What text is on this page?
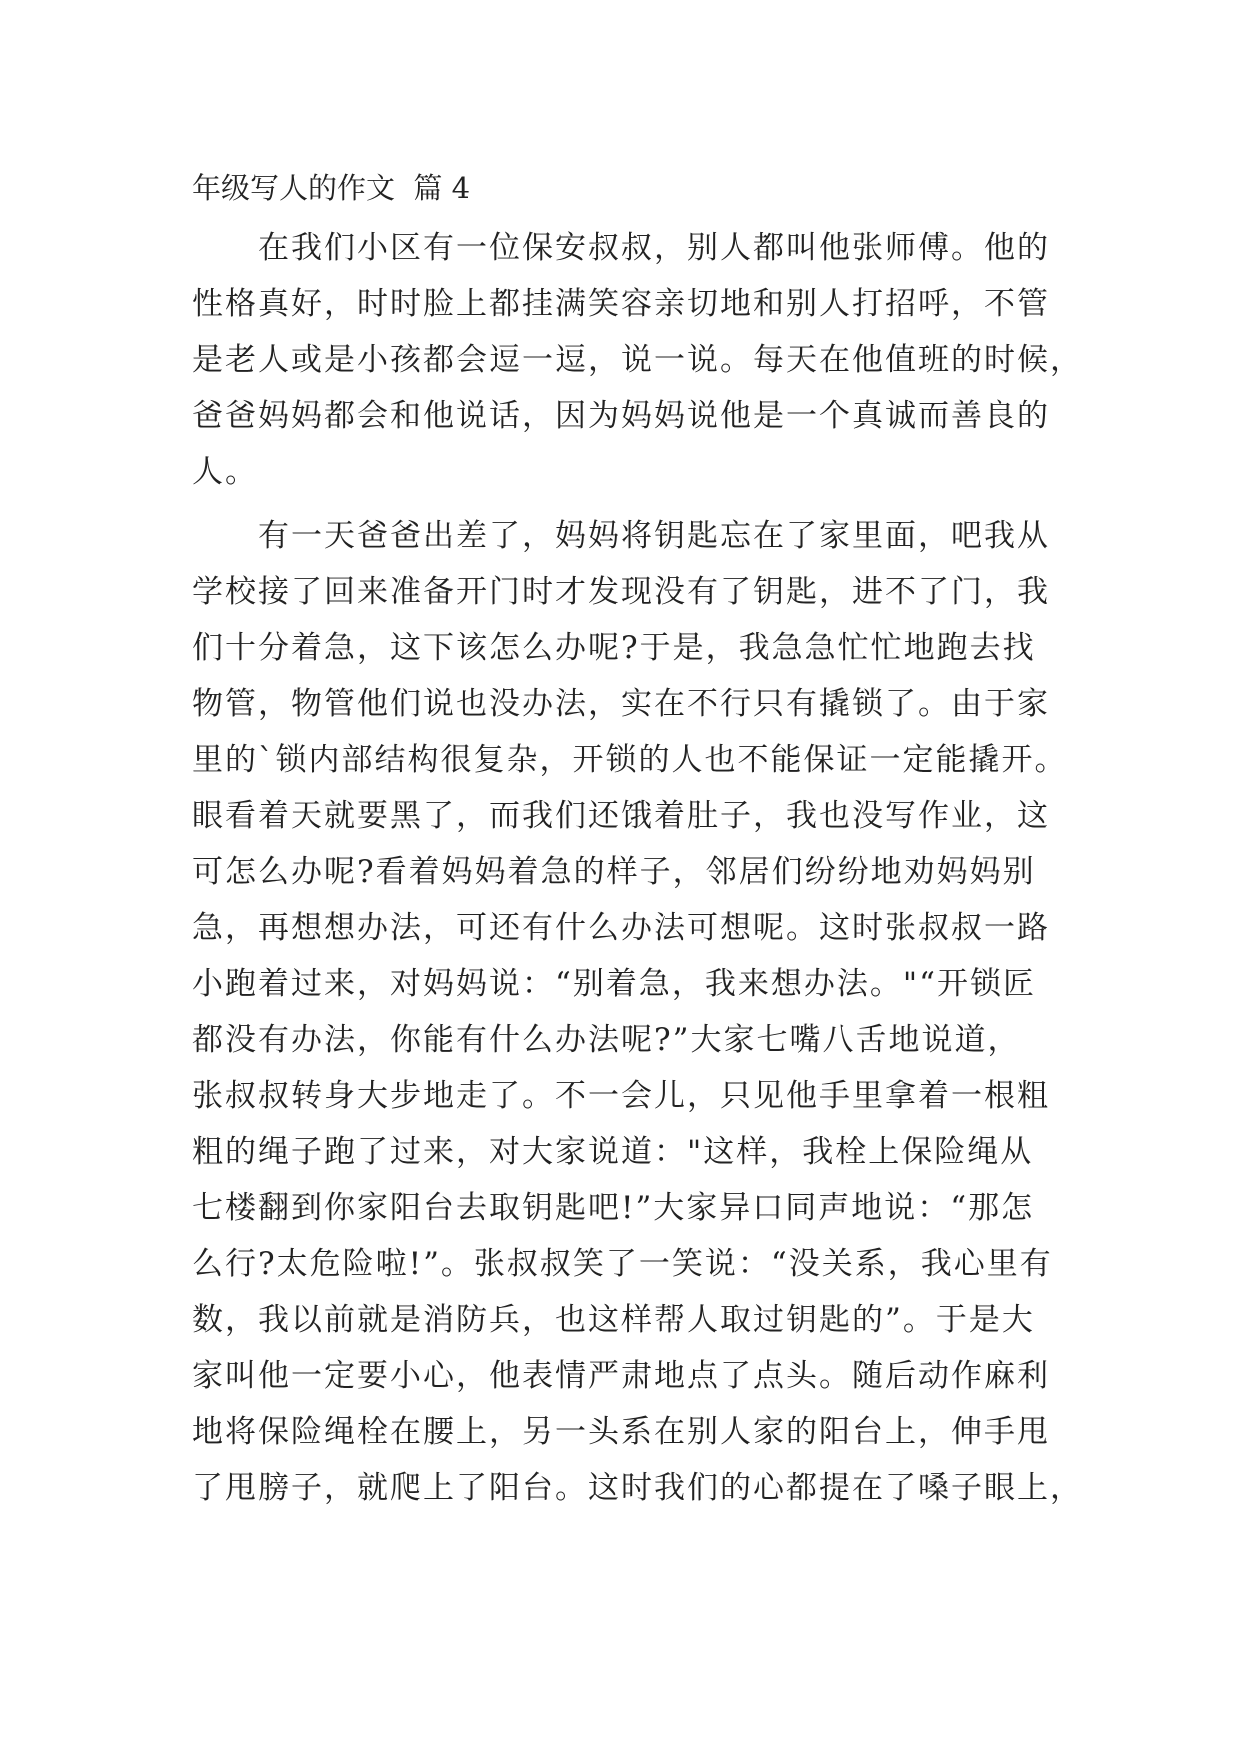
年级写人的作文  篇 4
　　在我们小区有一位保安叔叔，别人都叫他张师傅。他的
性格真好，时时脸上都挂满笑容亲切地和别人打招呼，不管
是老人或是小孩都会逗一逗，说一说。每天在他值班的时候，
爸爸妈妈都会和他说话，因为妈妈说他是一个真诚而善良的
人。
　　有一天爸爸出差了，妈妈将钥匙忘在了家里面，吧我从
学校接了回来准备开门时才发现没有了钥匙，进不了门，我
们十分着急，这下该怎么办呢?于是，我急急忙忙地跑去找
物管，物管他们说也没办法，实在不行只有撬锁了。由于家
里的`锁内部结构很复杂，开锁的人也不能保证一定能撬开。
眼看着天就要黑了，而我们还饿着肚子，我也没写作业，这
可怎么办呢?看着妈妈着急的样子，邻居们纷纷地劝妈妈别
急，再想想办法，可还有什么办法可想呢。这时张叔叔一路
小跑着过来，对妈妈说：“别着急，我来想办法。"“开锁匠
都没有办法，你能有什么办法呢?”大家七嘴八舌地说道，
张叔叔转身大步地走了。不一会儿，只见他手里拿着一根粗
粗的绳子跑了过来，对大家说道："这样，我栓上保险绳从
七楼翻到你家阳台去取钥匙吧!”大家异口同声地说：“那怎
么行?太危险啦!”。张叔叔笑了一笑说：“没关系，我心里有
数，我以前就是消防兵，也这样帮人取过钥匙的”。于是大
家叫他一定要小心，他表情严肃地点了点头。随后动作麻利
地将保险绳栓在腰上，另一头系在别人家的阳台上，伸手甩
了甩膀子，就爬上了阳台。这时我们的心都提在了嗓子眼上，
